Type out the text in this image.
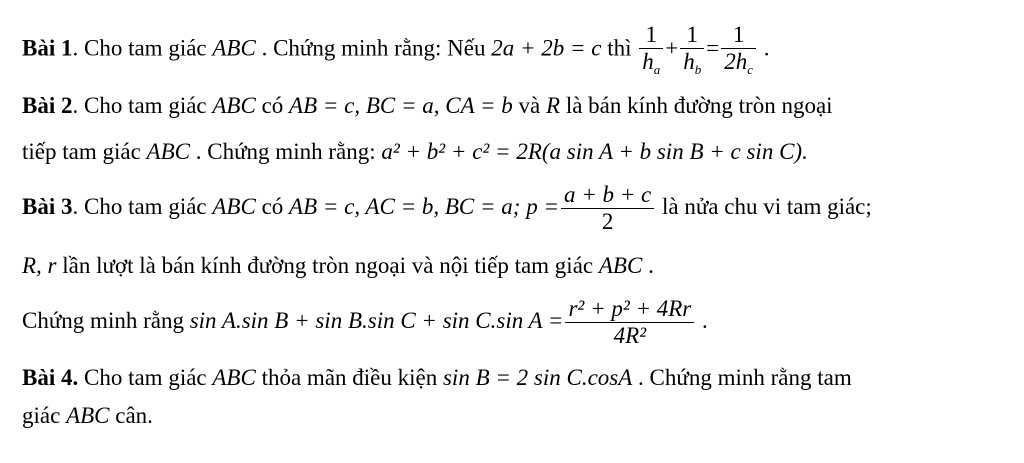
Bài 1. Cho tam giác ABC . Chứng minh rằng: Nếu 2a + 2b = c thì $\frac{1}{h_a} + \frac{1}{h_b} = \frac{1}{2h_c}$ .
Bài 2. Cho tam giác ABC có AB = c, BC = a, CA = b và R là bán kính đường tròn ngoại
tiếp tam giác ABC . Chứng minh rằng: a² + b² + c² = 2R(a sin A + b sin B + c sin C).
Bài 3. Cho tam giác ABC có AB = c, AC = b, BC = a; $p = \frac{a + b + c}{2}$ là nửa chu vi tam giác;
R, r lần lượt là bán kính đường tròn ngoại và nội tiếp tam giác ABC .
Chứng minh rằng sin A.sin B + sin B.sin C + sin C.sin $A = \frac{\text{r² + p² + 4Rr}}{\text{4R²}}$ .
Bài 4. Cho tam giác ABC thỏa mãn điều kiện sin B = 2 sin C.cosA . Chứng minh rằng tam
giác ABC cân.
